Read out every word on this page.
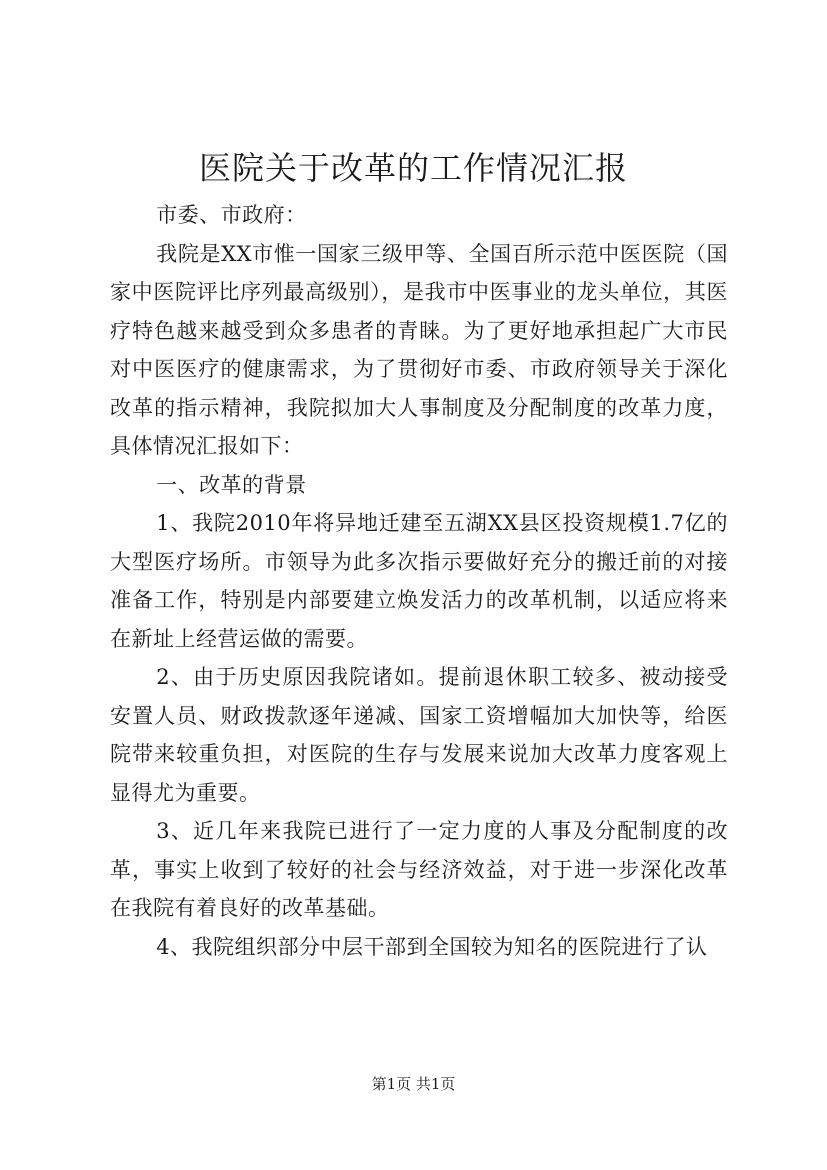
医院关于改革的工作情况汇报

市委、市政府：

我院是XX市惟一国家三级甲等、全国百所示范中医医院（国家中医院评比序列最高级别），是我市中医事业的龙头单位，其医疗特色越来越受到众多患者的青睐。为了更好地承担起广大市民对中医医疗的健康需求，为了贯彻好市委、市政府领导关于深化改革的指示精神，我院拟加大人事制度及分配制度的改革力度，具体情况汇报如下：

一、改革的背景

1、我院2010年将异地迁建至五湖XX县区投资规模1.7亿的大型医疗场所。市领导为此多次指示要做好充分的搬迁前的对接准备工作，特别是内部要建立焕发活力的改革机制，以适应将来在新址上经营运做的需要。

2、由于历史原因我院诸如。提前退休职工较多、被动接受安置人员、财政拨款逐年递减、国家工资增幅加大加快等，给医院带来较重负担，对医院的生存与发展来说加大改革力度客观上显得尤为重要。

3、近几年来我院已进行了一定力度的人事及分配制度的改革，事实上收到了较好的社会与经济效益，对于进一步深化改革在我院有着良好的改革基础。

4、我院组织部分中层干部到全国较为知名的医院进行了认

第1页 共1页
